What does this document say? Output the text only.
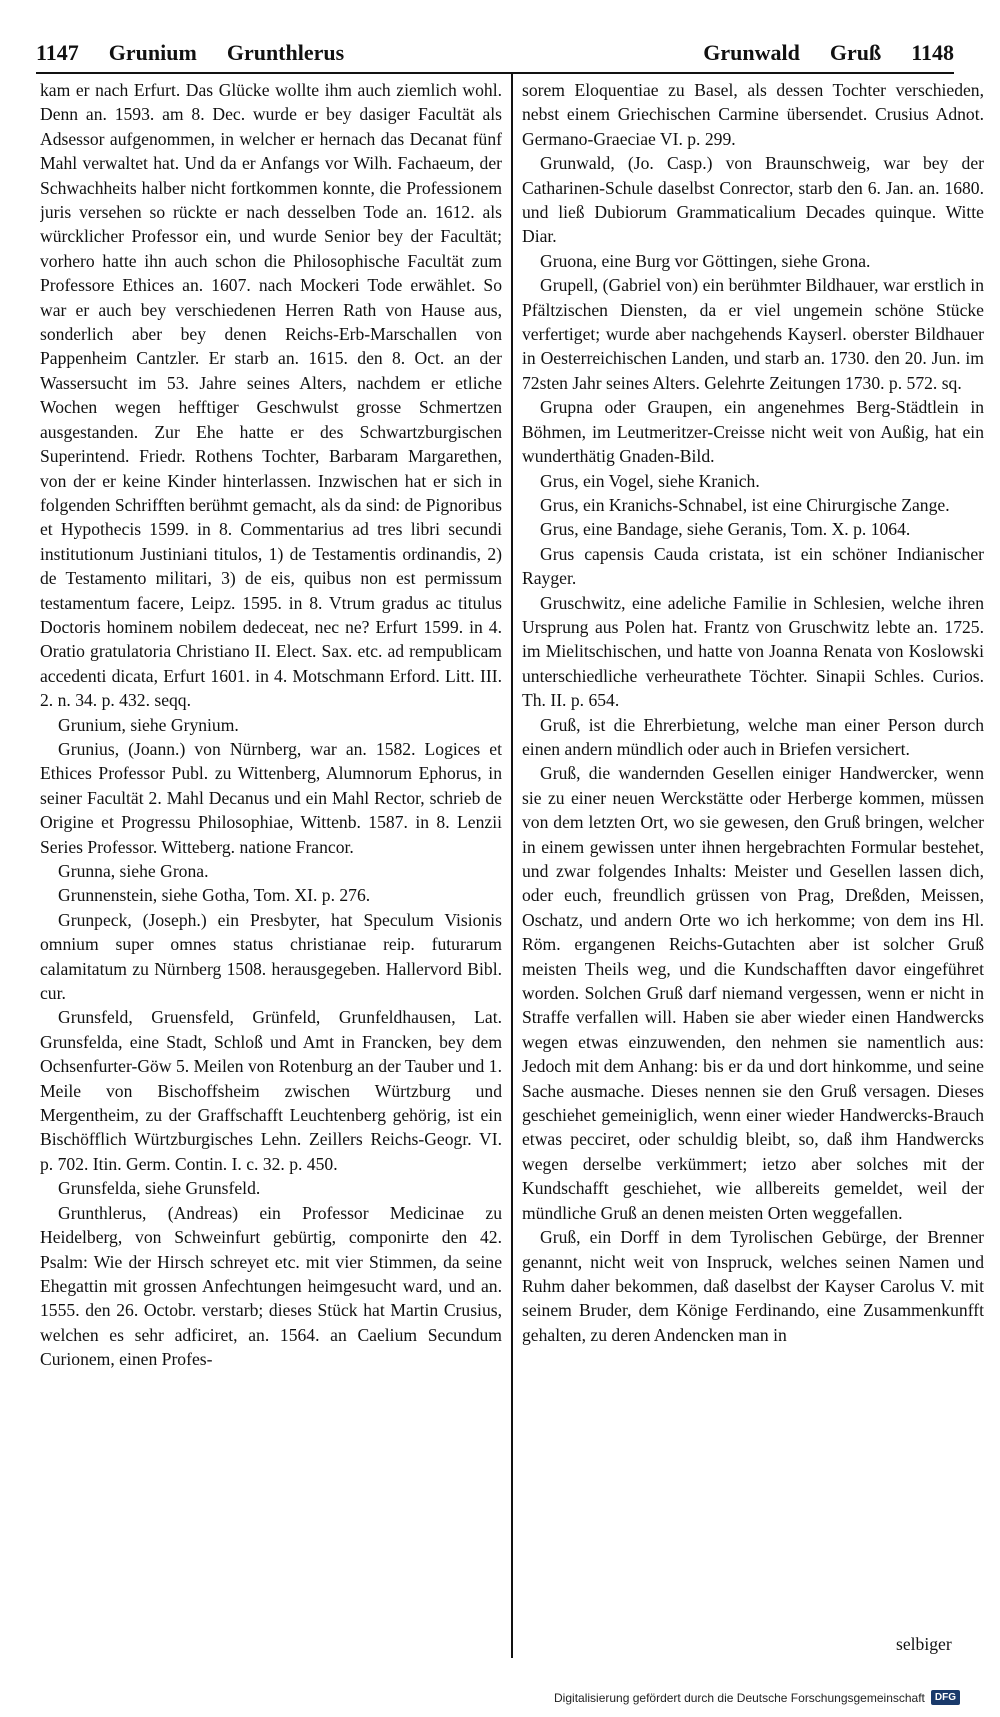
1147 Grunium Grunthlerus	Grunwald Gruß 1148

kam er nach Erfurt. Das Glücke wollte ihm auch ziemlich wohl. Denn an. 1593. am 8. Dec. wurde er bey dasiger Facultät als Adsessor aufgenommen, in welcher er hernach das Decanat fünf Mahl verwaltet hat. Und da er Anfangs vor Wilh. Fachaeum, der Schwachheits halber nicht fortkommen konnte, die Professionem juris versehen so rückte er nach desselben Tode an. 1612. als würcklicher Professor ein, und wurde Senior bey der Facultät; vorhero hatte ihn auch schon die Philosophische Facultät zum Professore Ethices an. 1607. nach Mockeri Tode erwählet. So war er auch bey verschiedenen Herren Rath von Hause aus, sonderlich aber bey denen Reichs-Erb-Marschallen von Pappenheim Cantzler. Er starb an. 1615. den 8. Oct. an der Wassersucht im 53. Jahre seines Alters, nachdem er etliche Wochen wegen hefftiger Geschwulst grosse Schmertzen ausgestanden. Zur Ehe hatte er des Schwartzburgischen Superintend. Friedr. Rothens Tochter, Barbaram Margarethen, von der er keine Kinder hinterlassen. Inzwischen hat er sich in folgenden Schrifften berühmt gemacht, als da sind: de Pignoribus et Hypothecis 1599. in 8. Commentarius ad tres libri secundi institutionum Justiniani titulos, 1) de Testamentis ordinandis, 2) de Testamento militari, 3) de eis, quibus non est permissum testamentum facere, Leipz. 1595. in 8. Vtrum gradus ac titulus Doctoris hominem nobilem dedeceat, nec ne? Erfurt 1599. in 4. Oratio gratulatoria Christiano II. Elect. Sax. etc. ad rempublicam accedenti dicata, Erfurt 1601. in 4. Motschmann Erford. Litt. III. 2. n. 34. p. 432. seqq.

Grunium, siehe Grynium.

Grunius, (Joann.) von Nürnberg, war an. 1582. Logices et Ethices Professor Publ. zu Wittenberg, Alumnorum Ephorus, in seiner Facultät 2. Mahl Decanus und ein Mahl Rector, schrieb de Origine et Progressu Philosophiae, Wittenb. 1587. in 8. Lenzii Series Professor. Witteberg. natione Francor.

Grunna, siehe Grona.

Grunnenstein, siehe Gotha, Tom. XI. p. 276.

Grunpeck, (Joseph.) ein Presbyter, hat Speculum Visionis omnium super omnes status christianae reip. futurarum calamitatum zu Nürnberg 1508. herausgegeben. Hallervord Bibl. cur.

Grunsfeld, Gruensfeld, Grünfeld, Grunfeldhausen, Lat. Grunsfelda, eine Stadt, Schloß und Amt in Francken, bey dem Ochsenfurter-Göw 5. Meilen von Rotenburg an der Tauber und 1. Meile von Bischoffsheim zwischen Würtzburg und Mergentheim, zu der Graffschafft Leuchtenberg gehörig, ist ein Bischöfflich Würtzburgisches Lehn. Zeillers Reichs-Geogr. VI. p. 702. Itin. Germ. Contin. I. c. 32. p. 450.

Grunsfelda, siehe Grunsfeld.

Grunthlerus, (Andreas) ein Professor Medicinae zu Heidelberg, von Schweinfurt gebürtig, componirte den 42. Psalm: Wie der Hirsch schreyet etc. mit vier Stimmen, da seine Ehegattin mit grossen Anfechtungen heimgesucht ward, und an. 1555. den 26. Octobr. verstarb; dieses Stück hat Martin Crusius, welchen es sehr adficiret, an. 1564. an Caelium Secundum Curionem, einen Profes-

sorem Eloquentiae zu Basel, als dessen Tochter verschieden, nebst einem Griechischen Carmine übersendet. Crusius Adnot. Germano-Graeciae VI. p. 299.

Grunwald, (Jo. Casp.) von Braunschweig, war bey der Catharinen-Schule daselbst Conrector, starb den 6. Jan. an. 1680. und ließ Dubiorum Grammaticalium Decades quinque. Witte Diar.

Gruona, eine Burg vor Göttingen, siehe Grona.

Grupell, (Gabriel von) ein berühmter Bildhauer, war erstlich in Pfältzischen Diensten, da er viel ungemein schöne Stücke verfertiget; wurde aber nachgehends Kayserl. oberster Bildhauer in Oesterreichischen Landen, und starb an. 1730. den 20. Jun. im 72sten Jahr seines Alters. Gelehrte Zeitungen 1730. p. 572. sq.

Grupna oder Graupen, ein angenehmes Berg-Städtlein in Böhmen, im Leutmeritzer-Creisse nicht weit von Außig, hat ein wunderthätig Gnaden-Bild.

Grus, ein Vogel, siehe Kranich.

Grus, ein Kranichs-Schnabel, ist eine Chirurgische Zange.

Grus, eine Bandage, siehe Geranis, Tom. X. p. 1064.

Grus capensis Cauda cristata, ist ein schöner Indianischer Rayger.

Gruschwitz, eine adeliche Familie in Schlesien, welche ihren Ursprung aus Polen hat. Frantz von Gruschwitz lebte an. 1725. im Mielitschischen, und hatte von Joanna Renata von Koslowski unterschiedliche verheurathete Töchter. Sinapii Schles. Curios. Th. II. p. 654.

Gruß, ist die Ehrerbietung, welche man einer Person durch einen andern mündlich oder auch in Briefen versichert.

Gruß, die wandernden Gesellen einiger Handwercker, wenn sie zu einer neuen Werckstätte oder Herberge kommen, müssen von dem letzten Ort, wo sie gewesen, den Gruß bringen, welcher in einem gewissen unter ihnen hergebrachten Formular bestehet, und zwar folgendes Inhalts: Meister und Gesellen lassen dich, oder euch, freundlich grüssen von Prag, Dreßden, Meissen, Oschatz, und andern Orte wo ich herkomme; von dem ins Hl. Röm. ergangenen Reichs-Gutachten aber ist solcher Gruß meisten Theils weg, und die Kundschafften davor eingeführet worden. Solchen Gruß darf niemand vergessen, wenn er nicht in Straffe verfallen will. Haben sie aber wieder einen Handwercks wegen etwas einzuwenden, den nehmen sie namentlich aus: Jedoch mit dem Anhang: bis er da und dort hinkomme, und seine Sache ausmache. Dieses nennen sie den Gruß versagen. Dieses geschiehet gemeiniglich, wenn einer wieder Handwercks-Brauch etwas pecciret, oder schuldig bleibt, so, daß ihm Handwercks wegen derselbe verkümmert; ietzo aber solches mit der Kundschafft geschiehet, wie allbereits gemeldet, weil der mündliche Gruß an denen meisten Orten weggefallen.

Gruß, ein Dorff in dem Tyrolischen Gebürge, der Brenner genannt, nicht weit von Inspruck, welches seinen Namen und Ruhm daher bekommen, daß daselbst der Kayser Carolus V. mit seinem Bruder, dem Könige Ferdinando, eine Zusammenkunfft gehalten, zu deren Andencken man in

selbiger
Digitalisierung gefördert durch die Deutsche Forschungsgemeinschaft	DFG
